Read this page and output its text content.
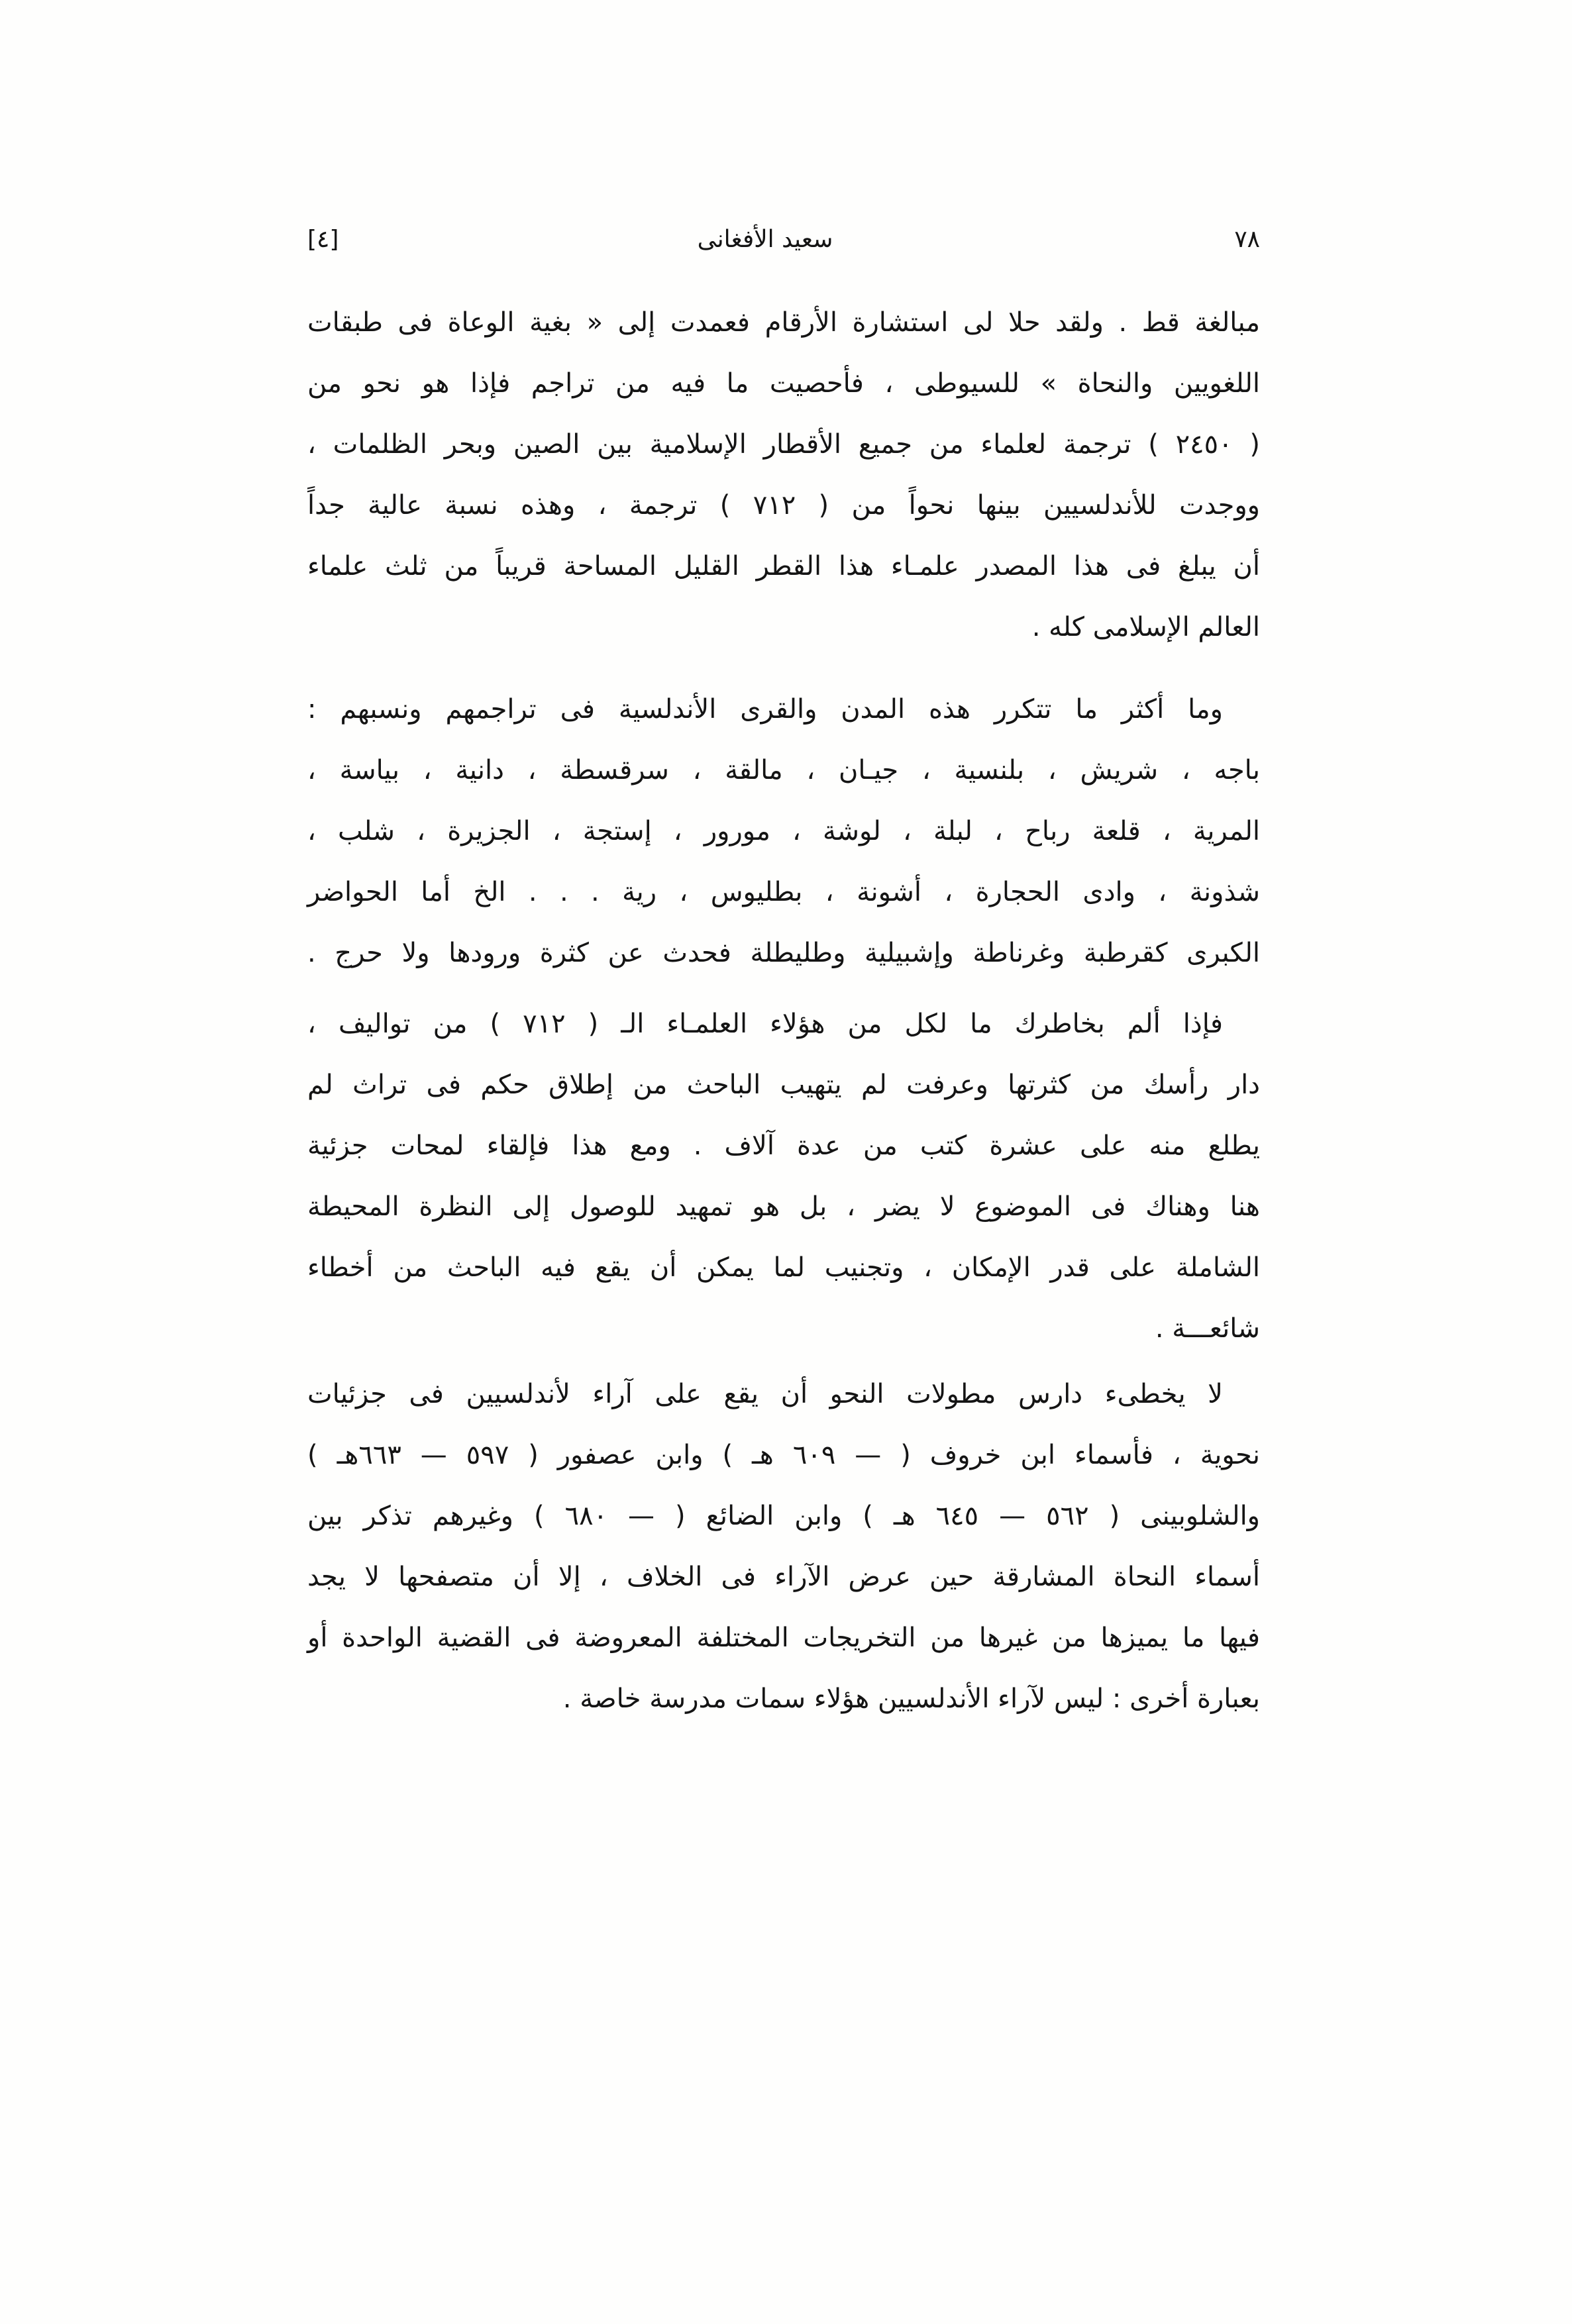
٧٨
سعيد الأفغانى
[٤]
مبالغة قط . ولقد حلا لى استشارة الأرقام فعمدت إلى « بغية الوعاة فى طبقات
اللغويين والنحاة » للسيوطى ، فأحصيت ما فيه من تراجم فإذا هو نحو من
( ٢٤٥٠ ) ترجمة لعلماء من جميع الأقطار الإسلامية بين الصين وبحر الظلمات ،
ووجدت للأندلسيين بينها نحواً من ( ٧١٢ ) ترجمة ، وهذه نسبة عالية جداً
أن يبلغ فى هذا المصدر علمـاء هذا القطر القليل المساحة قريباً من ثلث علماء
العالم الإسلامى كله .
وما أكثر ما تتكرر هذه المدن والقرى الأندلسية فى تراجمهم ونسبهم :
باجه ، شريش ، بلنسية ، جيـان ، مالقة ، سرقسطة ، دانية ، بياسة ،
المرية ، قلعة رباح ، لبلة ، لوشة ، مورور ، إستجة ، الجزيرة ، شلب ،
شذونة ، وادى الحجارة ، أشونة ، بطليوس ، رية . . . الخ أما الحواضر
الكبرى كقرطبة وغرناطة وإشبيلية وطليطلة فحدث عن كثرة ورودها ولا حرج .
فإذا ألم بخاطرك ما لكل من هؤلاء العلمـاء الـ ( ٧١٢ ) من تواليف ،
دار رأسك من كثرتها وعرفت لم يتهيب الباحث من إطلاق حكم فى تراث لم
يطلع منه على عشرة كتب من عدة آلاف . ومع هذا فإلقاء لمحات جزئية
هنا وهناك فى الموضوع لا يضر ، بل هو تمهيد للوصول إلى النظرة المحيطة
الشاملة على قدر الإمكان ، وتجنيب لما يمكن أن يقع فيه الباحث من أخطاء
شائعـــة .
لا يخطىء دارس مطولات النحو أن يقع على آراء لأندلسيين فى جزئيات
نحوية ، فأسماء ابن خروف ( — ٦٠٩ هـ ) وابن عصفور ( ٥٩٧ — ٦٦٣هـ )
والشلوبينى ( ٥٦٢ — ٦٤٥ هـ ) وابن الضائع ( — ٦٨٠ ) وغيرهم تذكر بين
أسماء النحاة المشارقة حين عرض الآراء فى الخلاف ، إلا أن متصفحها لا يجد
فيها ما يميزها من غيرها من التخريجات المختلفة المعروضة فى القضية الواحدة أو
بعبارة أخرى : ليس لآراء الأندلسيين هؤلاء سمات مدرسة خاصة .
